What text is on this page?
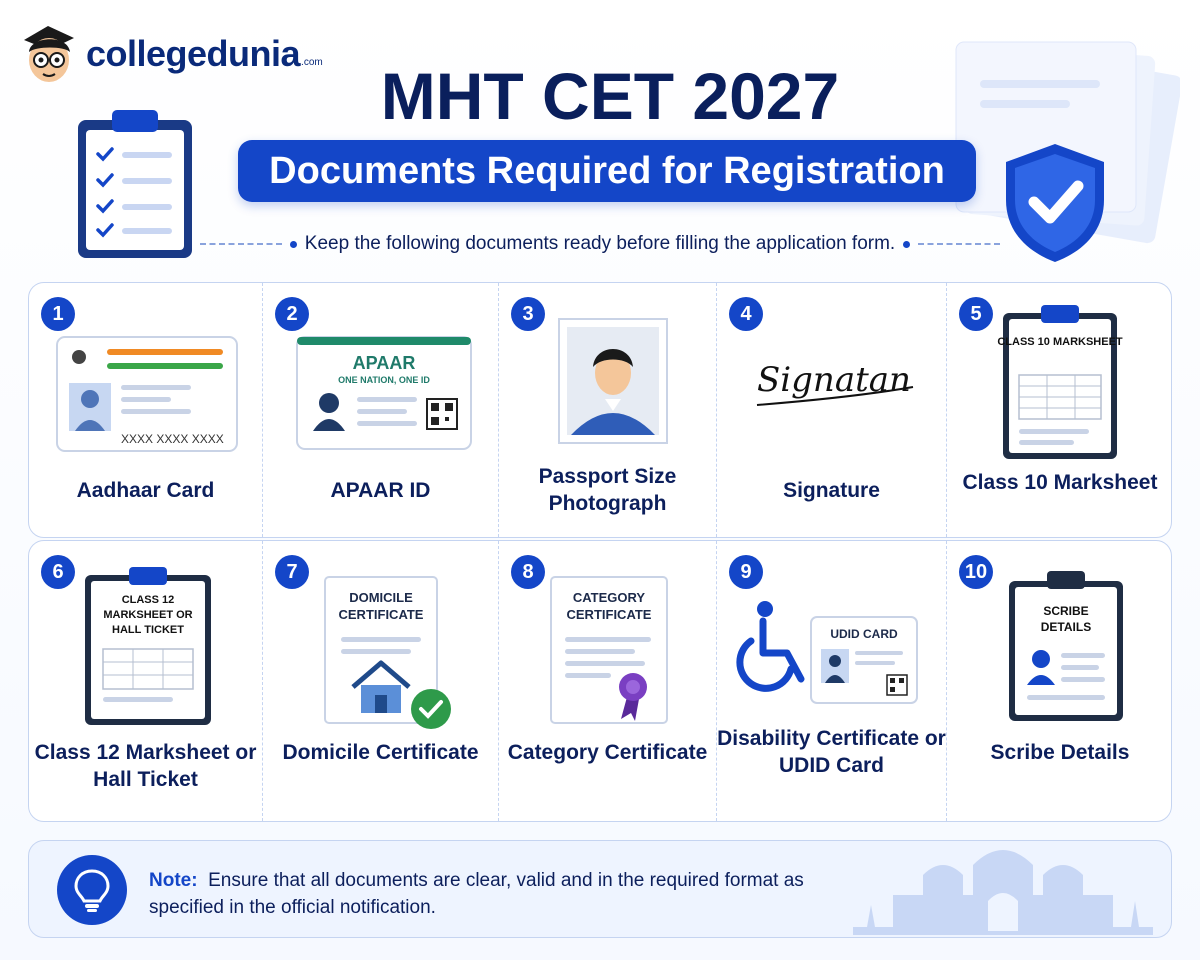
collegedunia .com MHT CET 2027
Documents Required for Registration
Keep the following documents ready before filling the application form.
1
XXXX XXXX XXXX
Aadhaar Card
2
APAAR
ONE NATION, ONE ID
APAAR ID
3
Passport Size Photograph
4
Signatan
Signature
5
CLASS 10 MARKSHEET
Class 10 Marksheet
6
CLASS 12 MARKSHEET OR HALL TICKET
Class 12 Marksheet or Hall Ticket
7
DOMICILE CERTIFICATE
Domicile Certificate
8
CATEGORY CERTIFICATE
Category Certificate
9
UDID CARD
Disability Certificate or UDID Card
10
SCRIBE DETAILS
Scribe Details
Note: Ensure that all documents are clear, valid and in the required format as specified in the official notification.
